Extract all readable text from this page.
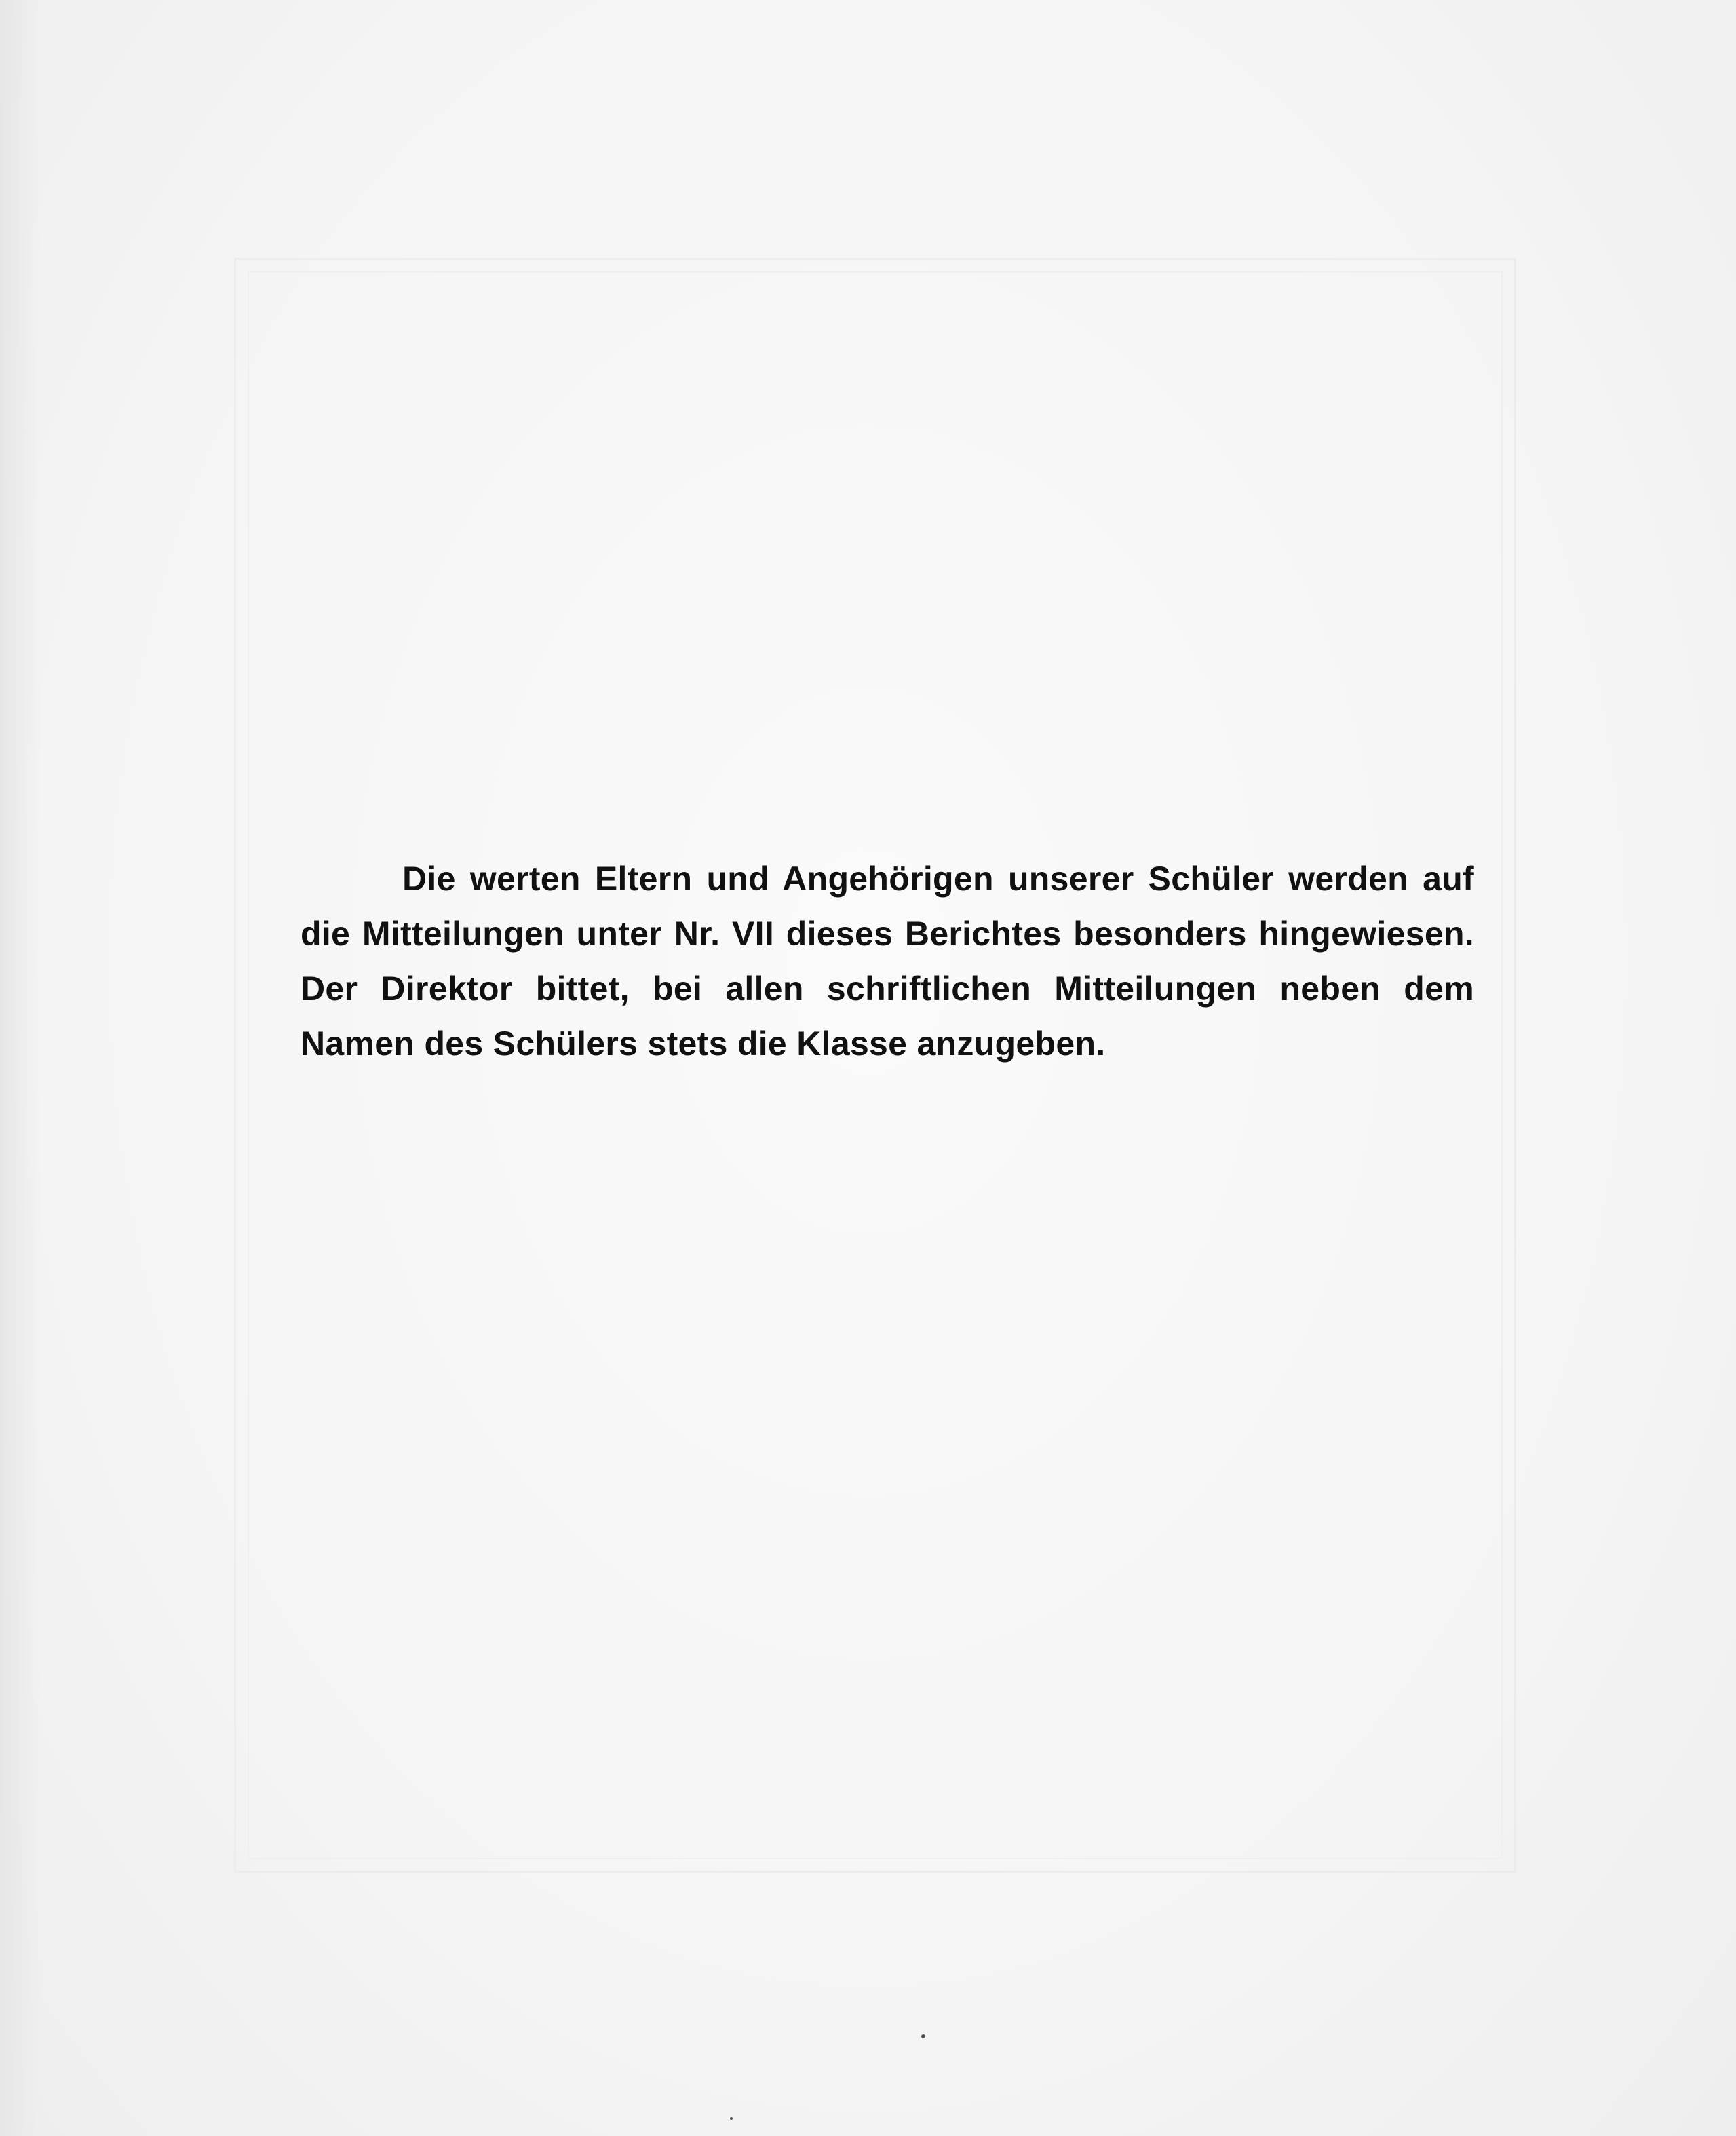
Die werten Eltern und Angehörigen unserer Schüler werden auf die Mitteilungen unter Nr. VII dieses Berichtes besonders hingewiesen. Der Direktor bittet, bei allen schriftlichen Mitteilungen neben dem Namen des Schülers stets die Klasse anzugeben.
